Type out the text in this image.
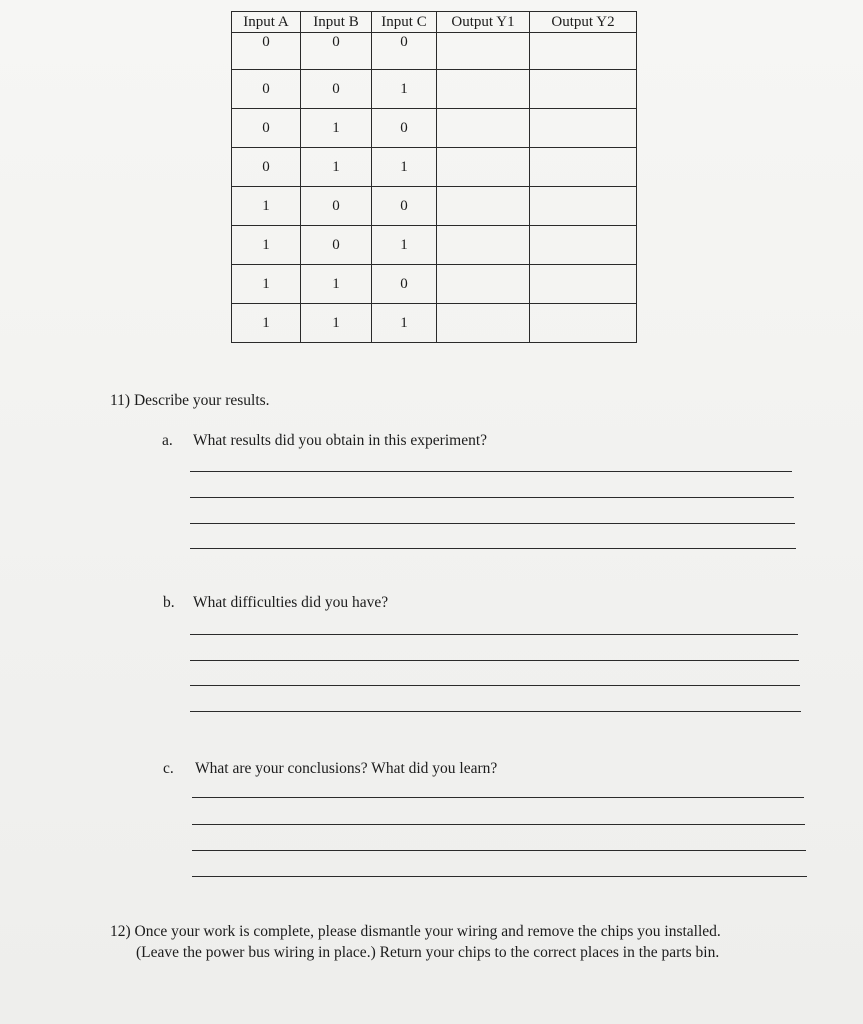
Input A	Input B	Input C	Output Y1	Output Y2
0	0	0		
0	0	1		
0	1	0		
0	1	1		
1	0	0		
1	0	1		
1	1	0		
1	1	1		
11) Describe your results.
a. What results did you obtain in this experiment?
b. What difficulties did you have?
c. What are your conclusions? What did you learn?
12) Once your work is complete, please dismantle your wiring and remove the chips you installed.
(Leave the power bus wiring in place.) Return your chips to the correct places in the parts bin.
